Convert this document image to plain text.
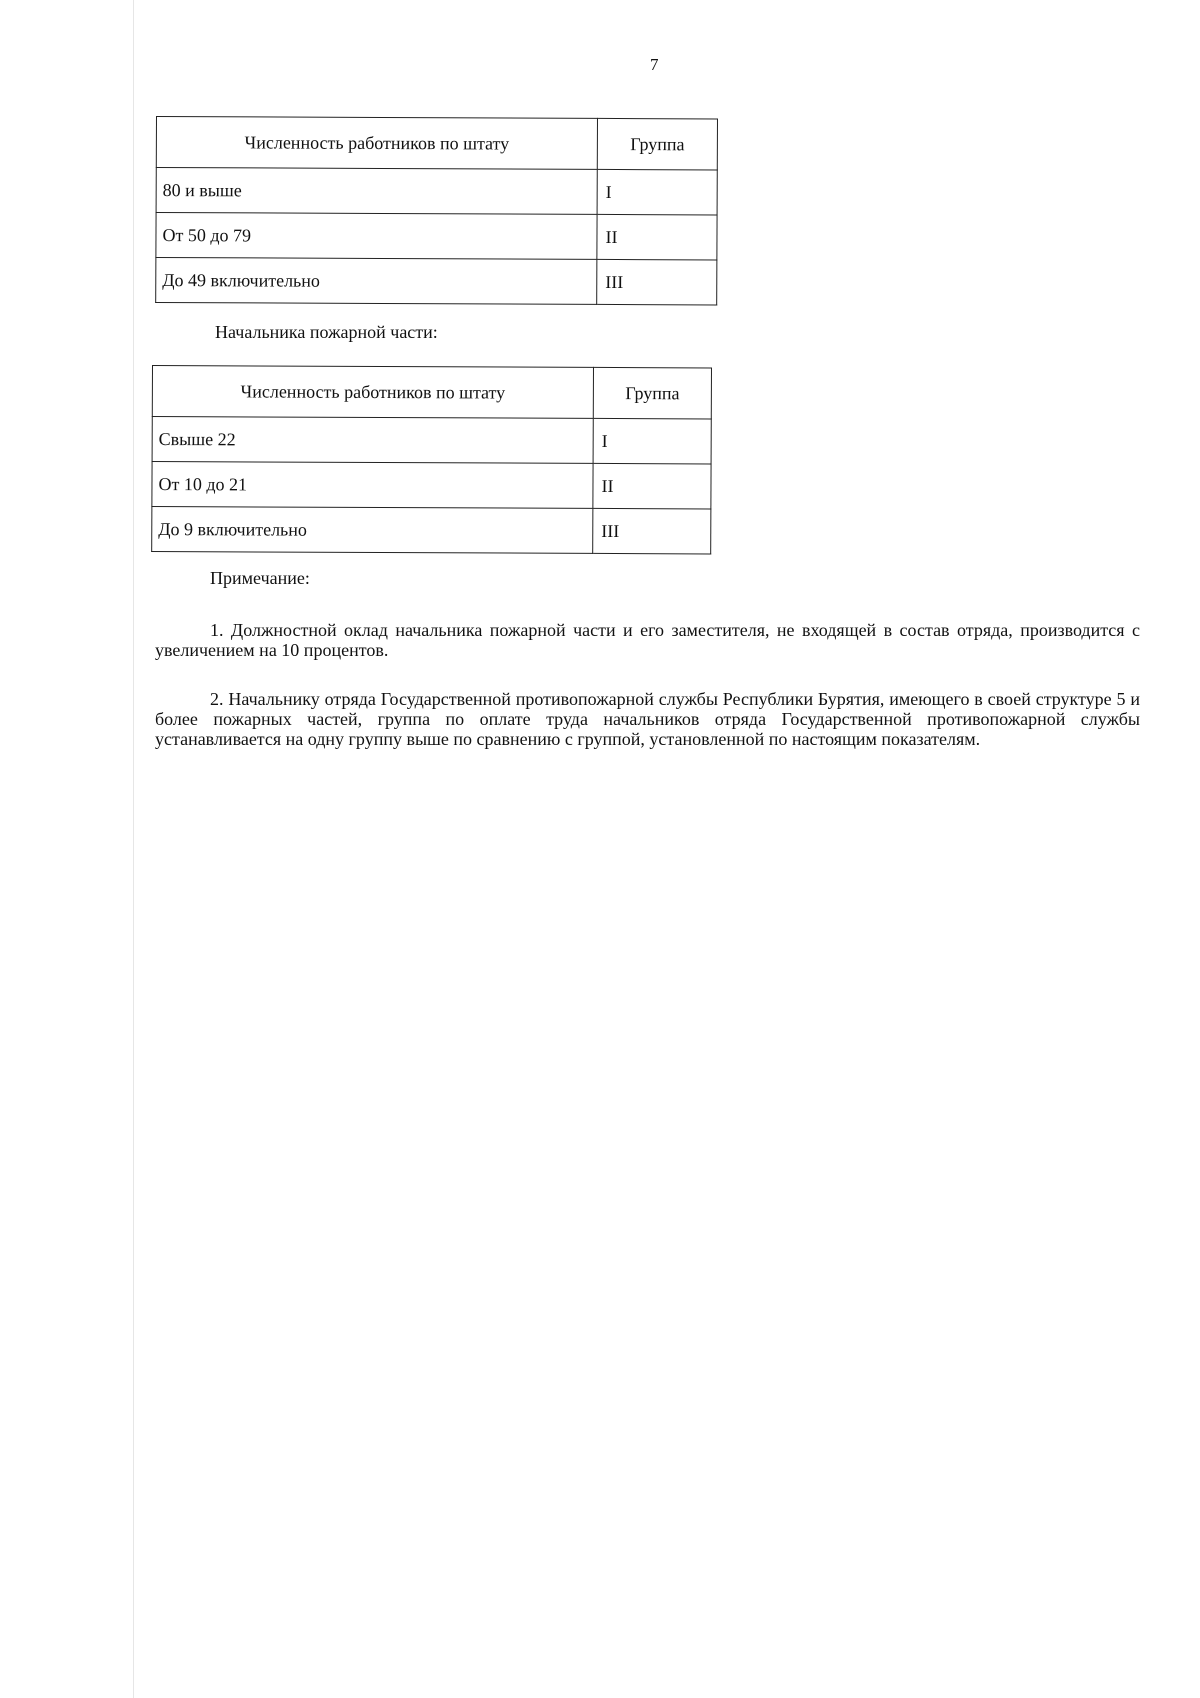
7
Численность работников по штату	Группа
80 и выше	I
От 50 до 79	II
До 49 включительно	III
Начальника пожарной части:
Численность работников по штату	Группа
Свыше 22	I
От 10 до 21	II
До 9 включительно	III
Примечание:
1. Должностной оклад начальника пожарной части и его заместителя, не входящей в состав отряда, производится с увеличением на 10 процентов.
2. Начальнику отряда Государственной противопожарной службы Республики Бурятия, имеющего в своей структуре 5 и более пожарных частей, группа по оплате труда начальников отряда Государственной противопожарной службы устанавливается на одну группу выше по сравнению с группой, установленной по настоящим показателям.
